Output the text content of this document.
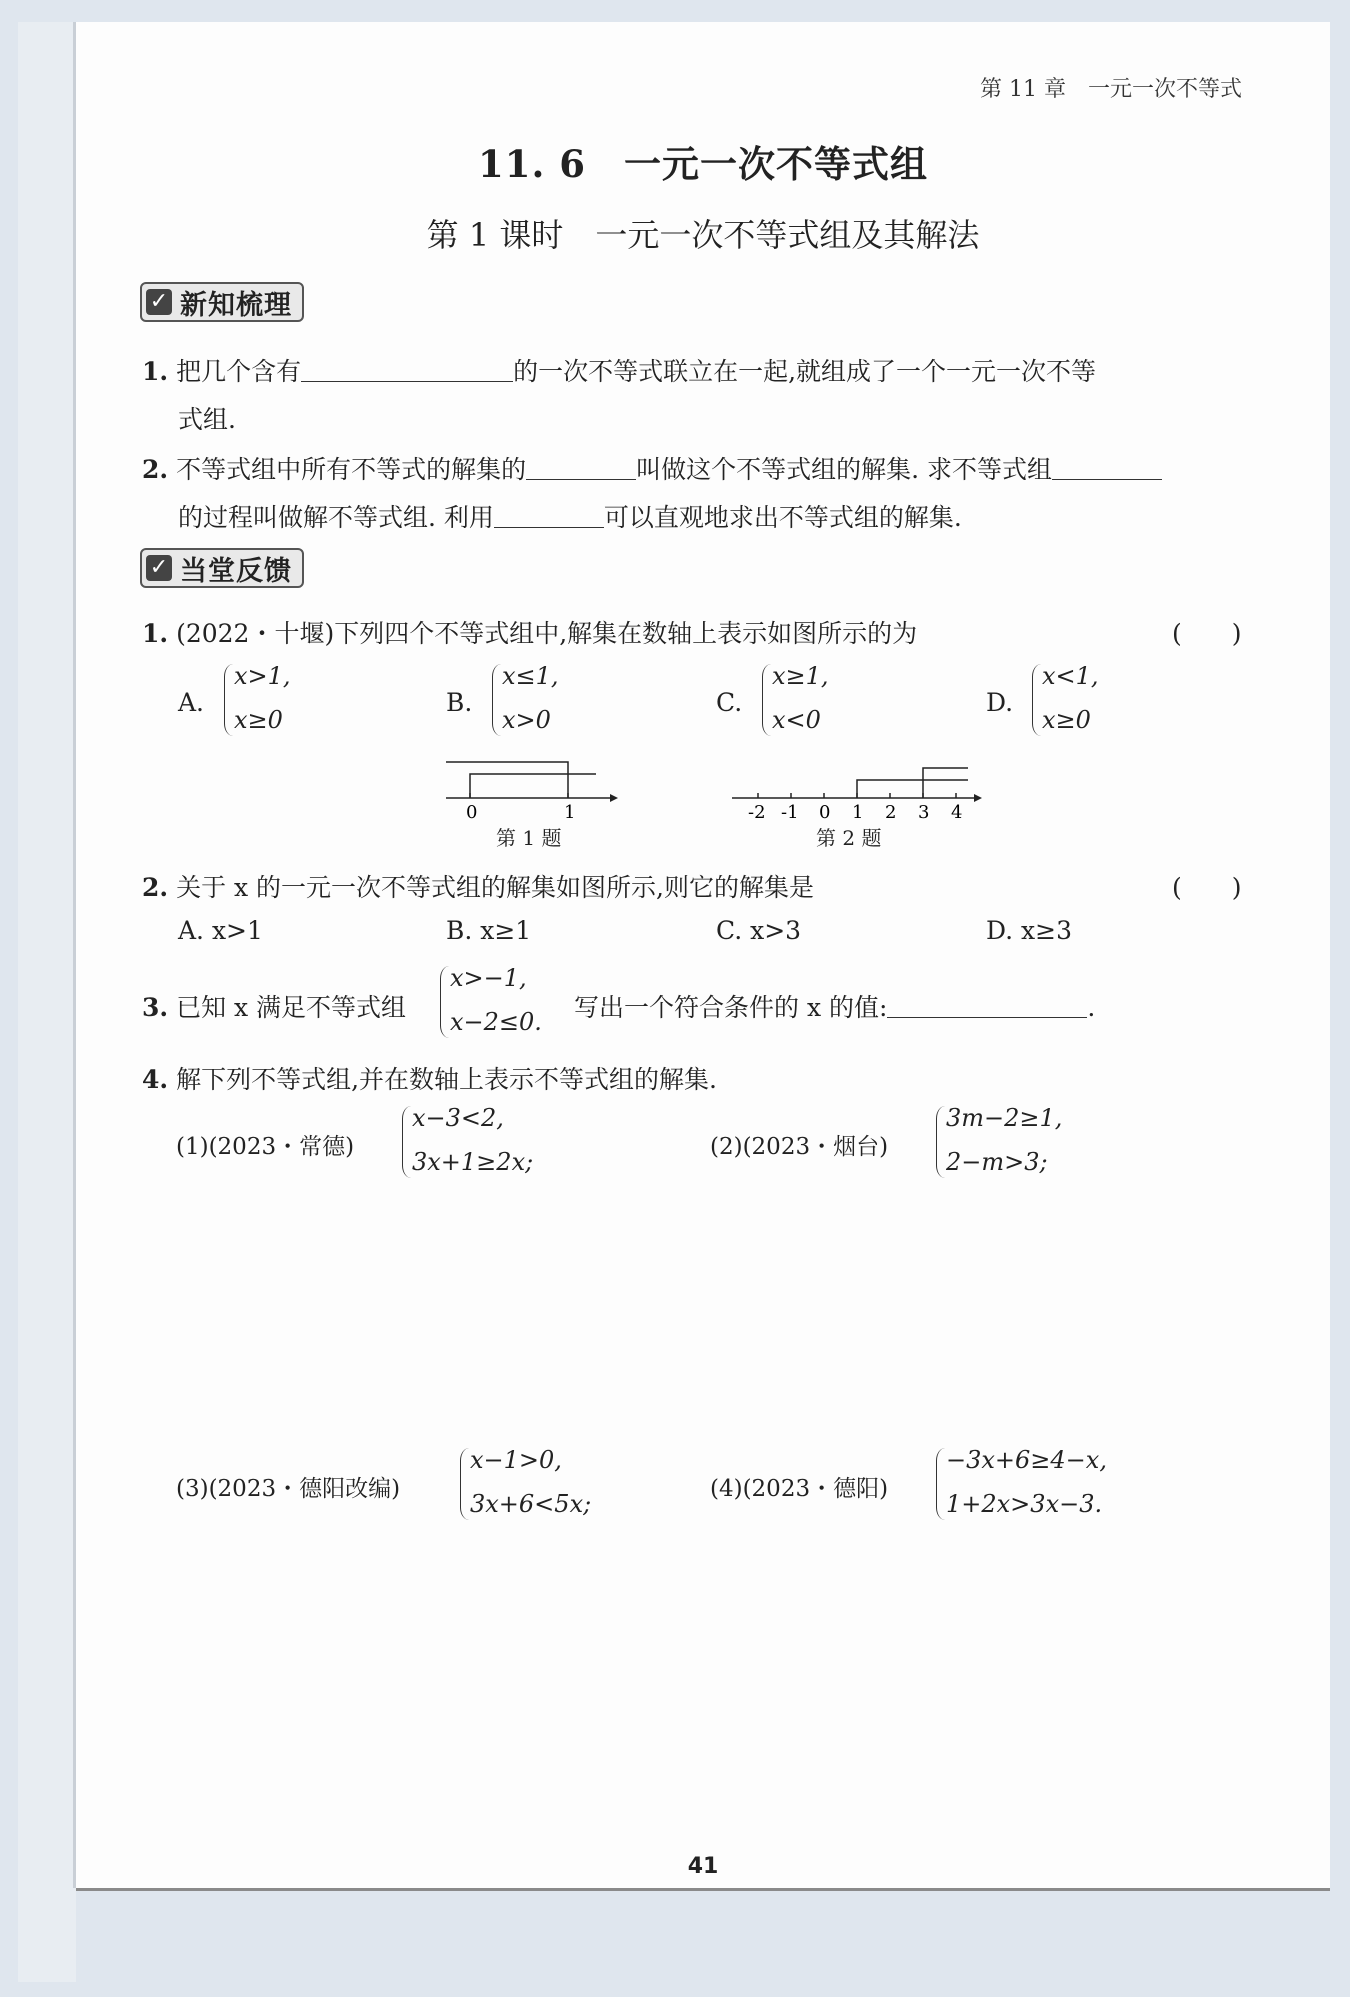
第 11 章　一元一次不等式
11. 6　一元一次不等式组
第 1 课时　一元一次不等式组及其解法
✓ 新知梳理
1. 把几个含有	的一次不等式联立在一起,就组成了一个一元一次不等
式组.
2. 不等式组中所有不等式的解集的	叫做这个不等式组的解集. 求不等式组
的过程叫做解不等式组. 利用	可以直观地求出不等式组的解集.
✓ 当堂反馈
1. (2022・十堰)下列四个不等式组中,解集在数轴上表示如图所示的为	(　　)
A.
x>1,
x≥0
B.
x≤1,
x>0
C.
x≥1,
x<0
D.
x<1,
x≥0
0	1
第 1 题
-2 -1 0 1 2 3 4
第 2 题
2. 关于 x 的一元一次不等式组的解集如图所示,则它的解集是	(　　)
A. x>1	B. x≥1	C. x>3	D. x≥3
3. 已知 x 满足不等式组
x>−1,
x−2≤0. 写出一个符合条件的 x 的值:	.
4. 解下列不等式组,并在数轴上表示不等式组的解集.
(1)(2023・常德)
x−3<2,
3x+1≥2x;
(2)(2023・烟台)
3m−2≥1,
2−m>3;
(3)(2023・德阳改编)
x−1>0,
3x+6<5x;
(4)(2023・德阳)
−3x+6≥4−x,
1+2x>3x−3.
41
